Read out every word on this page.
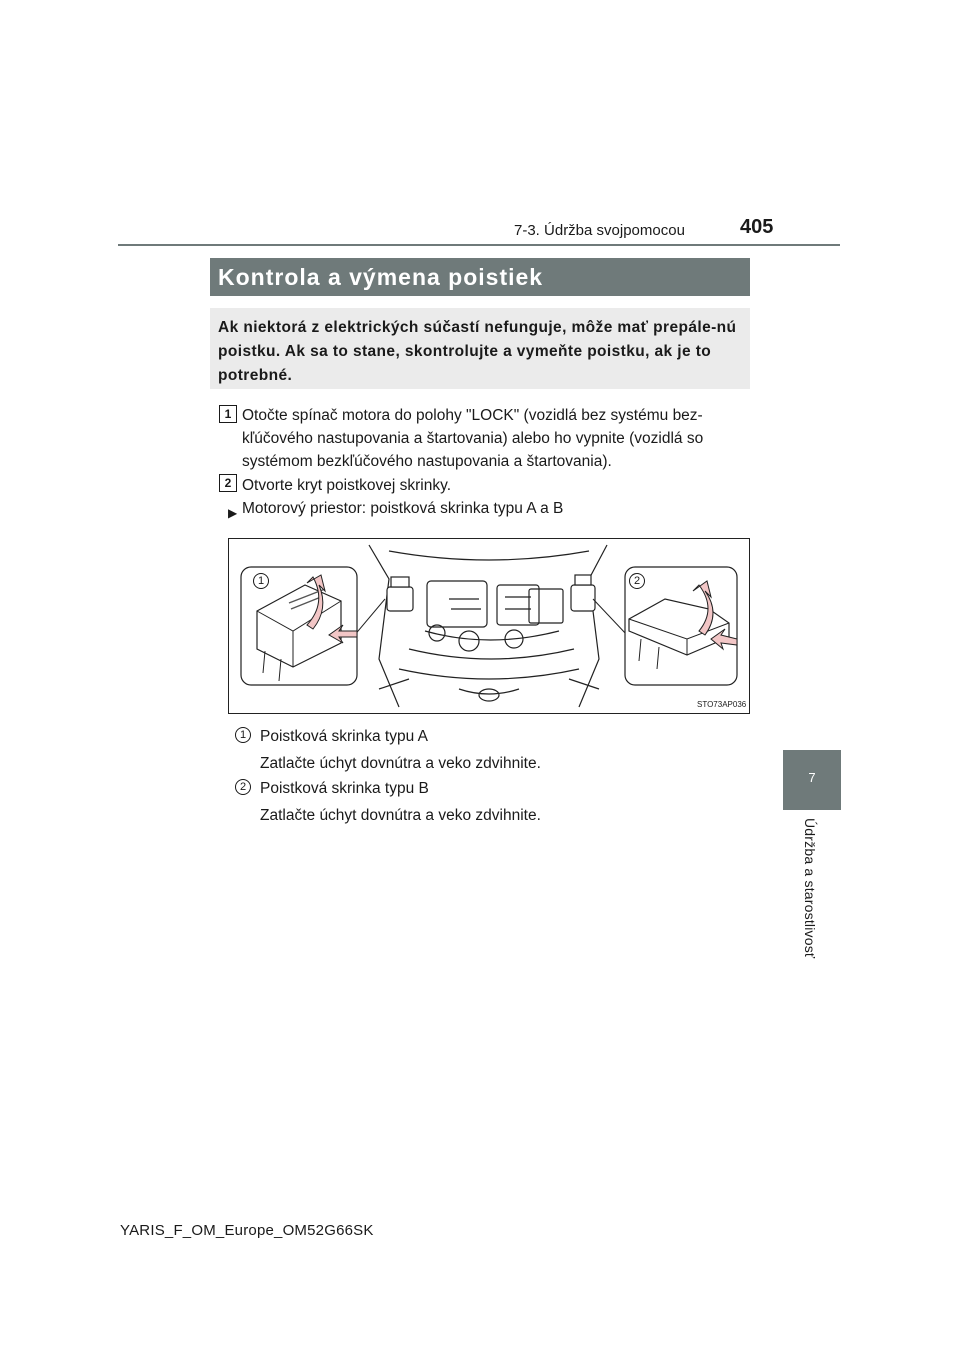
7-3. Údržba svojpomocou	405
7
Údržba a starostlivosť
Kontrola a výmena poistiek
Ak niektorá z elektrických súčastí nefunguje, môže mať prepále-nú poistku. Ak sa to stane, skontrolujte a vymeňte poistku, ak je to potrebné.
1 Otočte spínač motora do polohy "LOCK" (vozidlá bez systému bez-
kľúčového nastupovania a štartovania) alebo ho vypnite (vozidlá so
systémom bezkľúčového nastupovania a štartovania).
2 Otvorte kryt poistkovej skrinky.
▶ Motorový priestor: poistková skrinka typu A a B
1	2
STO73AP036
1 Poistková skrinka typu A
Zatlačte úchyt dovnútra a veko zdvihnite.
2 Poistková skrinka typu B
Zatlačte úchyt dovnútra a veko zdvihnite.
YARIS_F_OM_Europe_OM52G66SK
